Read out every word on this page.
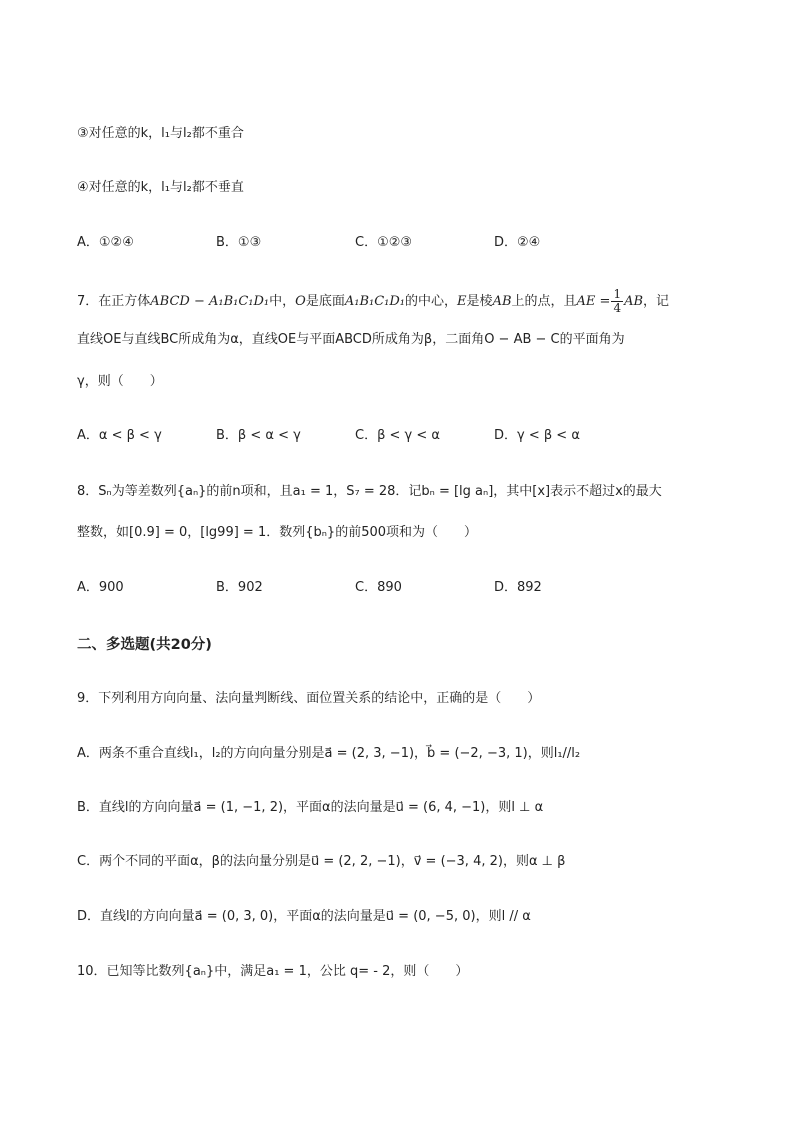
③对任意的k，l₁与l₂都不重合
④对任意的k，l₁与l₂都不垂直
A．①②④	B．①③	C．①②③	D．②④
7．在正方体ABCD − A₁B₁C₁D₁中，O是底面A₁B₁C₁D₁的中心，E是棱AB上的点，且AE = $\frac{1}{4}$ AB，记
直线OE与直线BC所成角为α，直线OE与平面ABCD所成角为β，二面角O − AB − C的平面角为
γ，则（　　）
A．α < β < γ	B．β < α < γ	C．β < γ < α	D．γ < β < α
8．Sₙ为等差数列{aₙ}的前n项和，且a₁ = 1，S₇ = 28．记bₙ = [lg aₙ]，其中[x]表示不超过x的最大
整数，如[0.9] = 0，[lg99] = 1．数列{bₙ}的前500项和为（　　）
A．900	B．902	C．890	D．892
二、多选题(共20分)
9．下列利用方向向量、法向量判断线、面位置关系的结论中，正确的是（　　）
A．两条不重合直线l₁，l₂的方向向量分别是a⃗ = (2, 3, −1)，b⃗ = (−2, −3, 1)，则l₁//l₂
B．直线l的方向向量a⃗ = (1, −1, 2)，平面α的法向量是u⃗ = (6, 4, −1)，则l ⊥ α
C．两个不同的平面α，β的法向量分别是u⃗ = (2, 2, −1)，v⃗ = (−3, 4, 2)，则α ⊥ β
D．直线l的方向向量a⃗ = (0, 3, 0)，平面α的法向量是u⃗ = (0, −5, 0)，则l // α
10．已知等比数列{aₙ}中，满足a₁ = 1，公比 q= - 2，则（　　）
